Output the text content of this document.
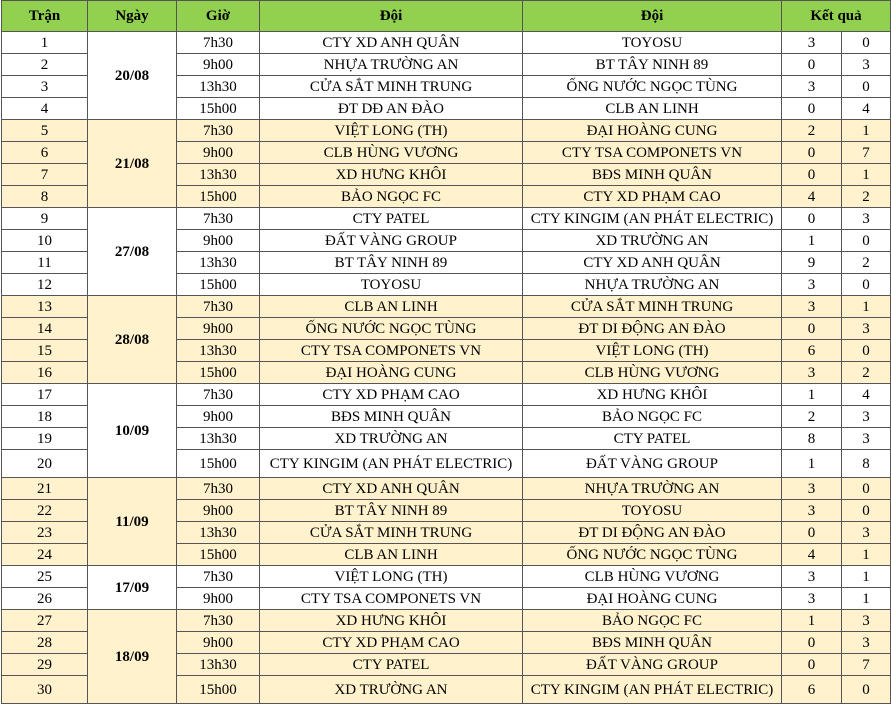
Trận	Ngày	Giờ	Đội	Đội	Kết quả	
1	20/08	7h30	CTY XD ANH QUÂN	TOYOSU	3	0
2		9h00	NHỰA TRƯỜNG AN	BT TÂY NINH 89	0	3
3		13h30	CỬA SẮT MINH TRUNG	ỐNG NƯỚC NGỌC TÙNG	3	0
4		15h00	ĐT DĐ AN ĐÀO	CLB AN LINH	0	4
5	21/08	7h30	VIỆT LONG (TH)	ĐẠI HOÀNG CUNG	2	1
6		9h00	CLB HÙNG VƯƠNG	CTY TSA COMPONETS VN	0	7
7		13h30	XD HƯNG KHÔI	BĐS MINH QUÂN	0	1
8		15h00	BẢO NGỌC FC	CTY XD PHẠM CAO	4	2
9	27/08	7h30	CTY PATEL	CTY KINGIM (AN PHÁT ELECTRIC)	0	3
10		9h00	ĐẤT VÀNG GROUP	XD TRƯỜNG AN	1	0
11		13h30	BT TÂY NINH 89	CTY XD ANH QUÂN	9	2
12		15h00	TOYOSU	NHỰA TRƯỜNG AN	3	0
13	28/08	7h30	CLB AN LINH	CỬA SẮT MINH TRUNG	3	1
14		9h00	ỐNG NƯỚC NGỌC TÙNG	ĐT DI ĐỘNG AN ĐÀO	0	3
15		13h30	CTY TSA COMPONETS VN	VIỆT LONG (TH)	6	0
16		15h00	ĐẠI HOÀNG CUNG	CLB HÙNG VƯƠNG	3	2
17	10/09	7h30	CTY XD PHẠM CAO	XD HƯNG KHÔI	1	4
18		9h00	BĐS MINH QUÂN	BẢO NGỌC FC	2	3
19		13h30	XD TRƯỜNG AN	CTY PATEL	8	3
20		15h00	CTY KINGIM (AN PHÁT ELECTRIC)	ĐẤT VÀNG GROUP	1	8
21	11/09	7h30	CTY XD ANH QUÂN	NHỰA TRƯỜNG AN	3	0
22		9h00	BT TÂY NINH 89	TOYOSU	3	0
23		13h30	CỬA SẮT MINH TRUNG	ĐT DI ĐỘNG AN ĐÀO	0	3
24		15h00	CLB AN LINH	ỐNG NƯỚC NGỌC TÙNG	4	1
25	17/09	7h30	VIỆT LONG (TH)	CLB HÙNG VƯƠNG	3	1
26		9h00	CTY TSA COMPONETS VN	ĐẠI HOÀNG CUNG	3	1
27	18/09	7h30	XD HƯNG KHÔI	BẢO NGỌC FC	1	3
28		9h00	CTY XD PHẠM CAO	BĐS MINH QUÂN	0	3
29		13h30	CTY PATEL	ĐẤT VÀNG GROUP	0	7
30		15h00	XD TRƯỜNG AN	CTY KINGIM (AN PHÁT ELECTRIC)	6	0
